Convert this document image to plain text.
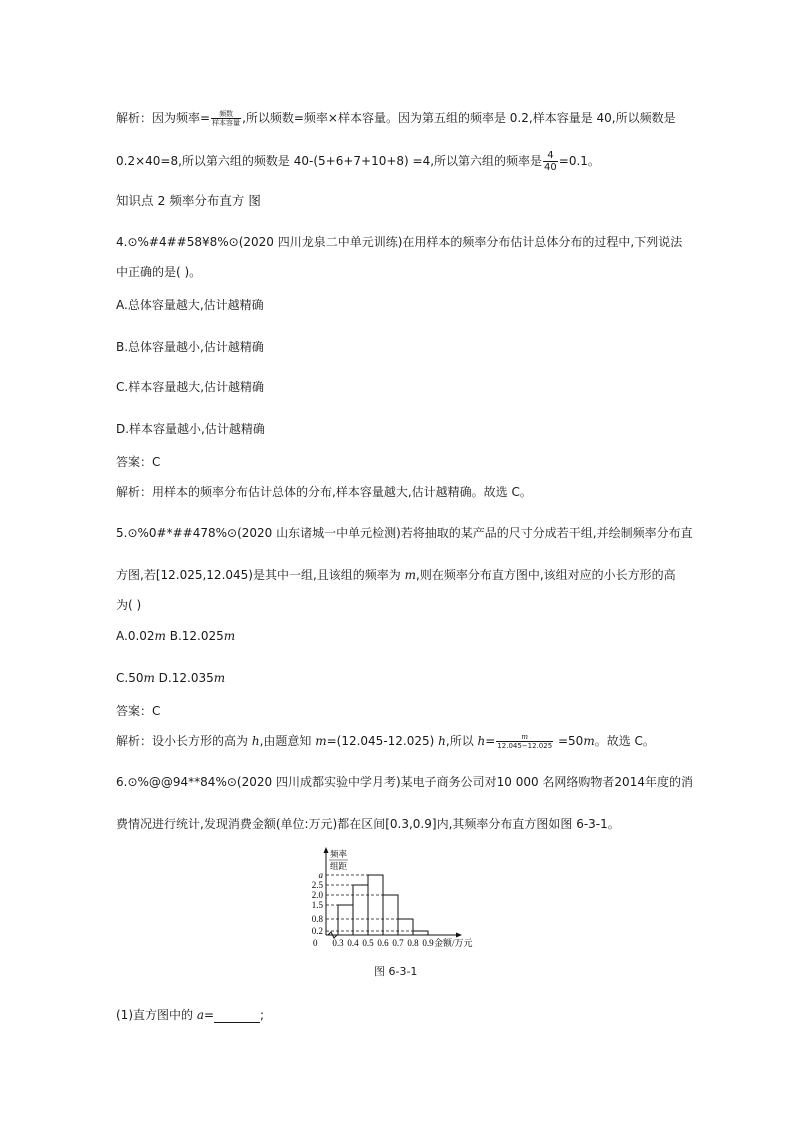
解析：因为频率= $\frac{\text{频数}}{\text{样本容量}}$ ,所以频数=频率×样本容量。因为第五组的频率是 0.2,样本容量是 40,所以频数是
0.2×40=8,所以第六组的频数是 40-(5+6+7+10+8) =4,所以第六组的频率是 $\frac{4}{40} =0.1$。
知识点 2 频率分布直方 图
4.⊙%#4##58¥8%⊙(2020 四川龙泉二中单元训练)在用样本的频率分布估计总体分布的过程中,下列说法
中正确的是( )。
A.总体容量越大,估计越精确
B.总体容量越小,估计越精确
C.样本容量越大,估计越精确
D.样本容量越小,估计越精确
答案：C
解析：用样本的频率分布估计总体的分布,样本容量越大,估计越精确。故选 C。
5.⊙%0#*##478%⊙(2020 山东诸城一中单元检测)若将抽取的某产品的尺寸分成若干组,并绘制频率分布直
方图,若[12.025,12.045)是其中一组,且该组的频率为 m,则在频率分布直方图中,该组对应的小长方形的高
为( )
A.0.02m B.12.025m
C.50m D.12.035m
答案：C
解析：设小长方形的高为 h,由题意知 m=(12.045-12.025) h,所以 $h= \frac{m}{12.045-12.025} =50m$。故选 C。
6.⊙%@@94**84%⊙(2020 四川成都实验中学月考)某电子商务公司对10 000 名网络购物者2014年度的消
费情况进行统计,发现消费金额(单位:万元)都在区间[0.3,0.9]内,其频率分布直方图如图 6-3-1。
频率
组距
0.2
0.8
1.5
2.0
2.5
a
0 0.3 0.4 0.5 0.6 0.7 0.8 0.9 金额/万元
图 6-3-1
(1)直方图中的 a=	;
